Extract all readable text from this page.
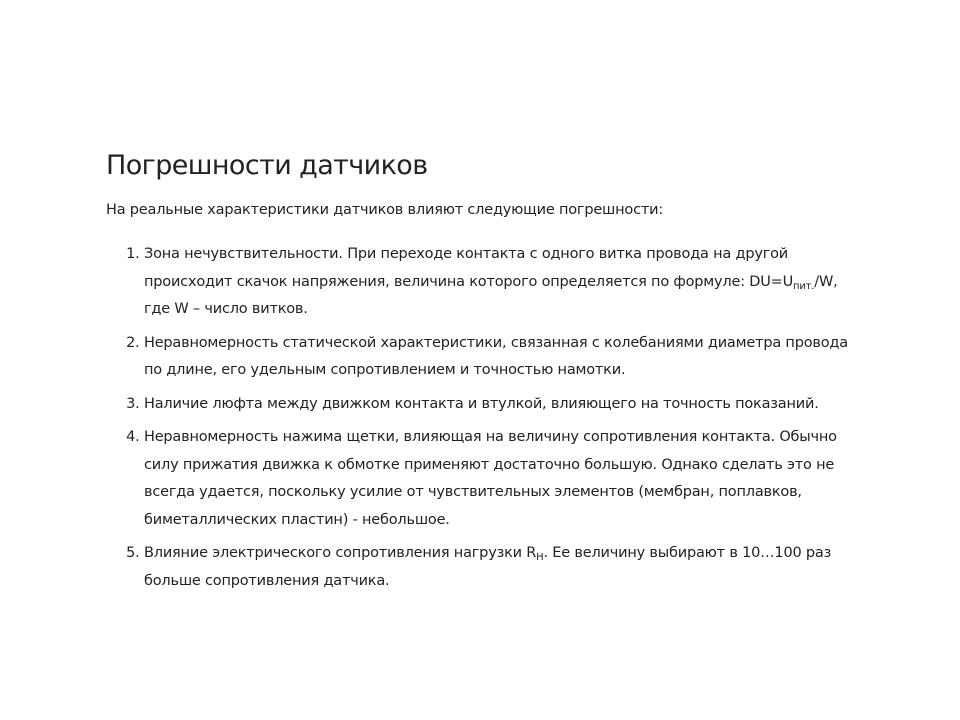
Погрешности датчиков

На реальные характеристики датчиков влияют следующие погрешности:

1. Зона нечувствительности. При переходе контакта с одного витка провода на другой происходит скачок напряжения, величина которого определяется по формуле: $DU=U_{пит.}/W$, где W – число витков.
2. Неравномерность статической характеристики, связанная с колебаниями диаметра провода по длине, его удельным сопротивлением и точностью намотки.
3. Наличие люфта между движком контакта и втулкой, влияющего на точность показаний.
4. Неравномерность нажима щетки, влияющая на величину сопротивления контакта. Обычно силу прижатия движка к обмотке применяют достаточно большую. Однако сделать это не всегда удается, поскольку усилие от чувствительных элементов (мембран, поплавков, биметаллических пластин) - небольшое.
5. Влияние электрического сопротивления нагрузки $R_Н$. Ее величину выбирают в 10…100 раз больше сопротивления датчика.
